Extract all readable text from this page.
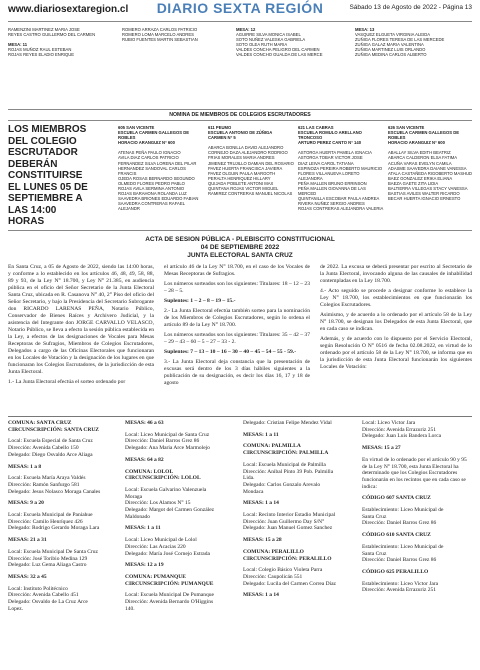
www.diariosextaregion.cl	DIARIO SEXTA REGIÓN	Sábado 13 de Agosto de 2022 - Página 13
RAMENZINI MARTINEZ MARIA JOSE
REYES CASTRO GUILLERMO DEL CARMEN
MESA: 11
ROJAS MUÑOZ RAUL ESTEBAN
ROJAS REYES ELADIO ENRIQUE
ROMERO ARRAZA CARLOS PATRICIO
ROMERO LOMA MARCELO ANDRES
RUBIO FUENTES MARTIN SEBASTIAN
MESA: 12
AGUIRRE SILVA MONICA ISABEL
SOTO NUÑEZ VALESKA GABRIELA
SOTO OLEA RUTH MARIA
VALDES CONCHA PELIGRO DEL CARMEN
VALDES CONCHO GUALDA DE LAS MERCE
MESA: 13
VASQUEZ ELGUETA VIRGINIA ALEIDA
ZUÑIGA FLORES TERESA DE LAS MERCEDE
ZUÑIGA GALAZ MARIA VALENTINA
ZUÑIGA MARTINEZ LUIS ORLANDO
ZUÑIGA MEDINA CARLOS ALBERTO
NOMINA DE MIEMBROS DE COLEGIOS ESCRUTADORES
LOS MIEMBROS DEL COLEGIO ESCRUTADOR DEBERÁN CONSTITUIRSE EL LUNES 05 DE SEPTIEMBRE A LAS 14:00 HORAS
605 SAN VICENTE
ESCUELA CARMEN GALLEGOS DE ROBLES
HORACIO ARANGUIZ N° 600
ATENAS PEÑA PAULO IGNACIO
AVILA DIAZ CARLOS PATRICIO
FERNANDEZ SILVA LORENA DEL PILAR
HERNANDEZ SANDOVAL CARLOS FRANCIS
OJEDA ROSAS BERNARDO SEGUNDO
OLMEDO FLORES PEDRO PABLO
ROJAS AVILA SERMINA ANTONIO
ROJAS BARAHONA ROLANDA LUZ
SAAVEDRA BRIONES EDUARDO FABIAN
SAAVEDRA CONTRERAS RAFAEL ALEJANDR
611 PEUMO
ESCUELA ANTONIO DE ZÚÑIGA
CARMEN N° 5
ABARCA BONILLA DAVID ALEJANDRO
CORNEJO DAZA ALEJANDRO RODRIGO
FRIAS MORALES MARIA ANDRES
JIMENEZ TRUJILLO DAMIAN DEL ROSARIO
PAVEZ HUERTA FRANCISCA JAVIERA
PAVEZ OLGUIN PAULA MARGOTH
PERALTA HENRIQUEZ HILLARY
QUIJADA POBLETE ANTONI MAX
QUINTANA ROJAS VICTOR MIGUEL
RAMIREZ CONTRERAS MANUEL NICOLAS
621 LAS CABRAS
ESCUELA ROMULO ARELLANO TRONCOSO
ARTURO PEREZ CANTO N° 140
ASTORGA HUERTA PAMELA IGNACIA
ASTORGA TOBAR VICTOR JOSE
DIAZ LEIVA CAROL TATIANA
ESPINOZA PEREIRA ROBERTO MAURICIO
FLORES VILLANUEVA LORETO ALEJANDRA
PEÑA MALLEN BRUNO ERRINSON
PEÑA MALLEN GIOVANNA DE LAS MERCED
QUINTANILLA ESCOBAR PAULA ANDREA
RIVERA NUÑEZ SERGIO ANDRES
ROJAS CONTRERAS ALEJANDRA VALERIA
626 SAN VICENTE
ESCUELA CARMEN GALLEGOS DE ROBLES
HORACIO ARANGUIZ N° 600
ABALLAY SILVA EDITH BEATRIZ
ABARCA CALDERON ELSA FATIMA
ACUÑA VARAS EVELYN CAMILA
ADASME SAAVEDRA DAIANE VANESSA
ATALA CASTAÑEDA RIGOBERTO MASHUD
BAEZ GONZALEZ ERIKA ELIANA
BAEZA GAETE ZITA LIDIA
BALTIERRA VILLEGAS STACY VANESSA
BASTIAS AVILES WALTER RICARDO
BECAR HUERTA IGNACIO ERNESTO
ACTA DE SESION PÚBLICA - PLEBISCITO CONSTITUCIONAL
04 DE SEPTIEMBRE 2022
JUNTA ELECTORAL SANTA CRUZ

En Santa Cruz, a 05 de Agosto de 2022, siendo las 14:00 horas, y conforme a lo establecido en los artículos 46, 48, 49, 58, 88, 89 y 93, de la Ley N° 18.700, y Ley N° 21.385, en audiencia pública en el oficio del Señor Secretario de la Junta Electoral Santa Cruz, ubicada en R. Casanova N° 40, 2° Piso del oficio del Señor Secretario, y bajo la Presidencia del Secretario Subrogante don RICARDO LARENAS PEÑA, Notario Público, Conservador de Bienes Raíces y Archivero Judicial, y la asistencia del Integrante don JORGE CARVALLO VELASCO, Notario Público, se lleva a efecto la sesión pública establecida en la Ley, a efectos de las designaciones de Vocales para Mesas Receptoras de Sufragios, Miembros de Colegios Escrutadores, Delegados a cargo de las Oficinas Electorales que funcionaran en los Locales de Votación y la designación de los lugares en que funcionaran los Colegios Escrutadores, de la jurisdicción de esta Junta Electoral.

1.- La Junta Electoral efectúa el sorteo ordenado por

el artículo 46 de la Ley N° 18.700, en el caso de los Vocales de Mesas Receptoras de Sufragios.

Los números sorteados son los siguientes: Titulares: 18 – 12 – 23 – 28 – 5.

Suplentes: 1 – 2 – 8 – 19 – 15.-

2.- La Junta Electoral efectúa también sorteo para la nominación de los Miembros de Colegios Escrutadores, según lo ordena el artículo 89 de la Ley N° 18.700.

Los números sorteados son los siguientes: Titulares: 35 – 42 – 37 – 29 – 43 – 60 – 5 – 27 – 33 - 2.

Suplentes: 7 – 13 – 10 – 16 – 30 – 40 – 45 – 54 – 55 - 59.-

3.- La Junta Electoral deja constancia que la presentación de excusas será dentro de los 3 días hábiles siguientes a la publicación de su designación, es decir los días 16, 17 y 18 de agosto

de 2022. La excusa se deberá presentar por escrito al Secretario de la Junta Electoral, invocando alguna de las causales de inhabilidad contempladas en la Ley 18.700.

4.- Acto seguido se procede a designar conforme lo establece la Ley N° 18.700, los establecimientos en que funcionarán los Colegios Escrutadores.

Asimismo, y de acuerdo a lo ordenado por el artículo 58 de la Ley N° 18.700, se designan los Delegados de esta Junta Electoral, que en cada caso se indican.

Además, y de acuerdo con lo dispuesto por el Servicio Electoral, según Resolución O N° 0516 de fecha 02.08.2022, en virtud de lo ordenado por el artículo 58 de la Ley N° 18.700, se informa que en la jurisdicción de esta Junta Electoral funcionarán los siguientes Locales de Votación:

COMUNA: SANTA CRUZ

CIRCUNSCRIPCIÓN: SANTA CRUZ

Local: Escuela Especial de Santa Cruz

Dirección: Avenida Cabello 150

Delegado: Diego Osvaldo Arce Aliaga

MESAS: 1 a 8

Local: Escuela María Araya Valdés

Dirección: Ramón Sanfurgo 581

Delegado: Jesus Nolasco Moraga Canales

MESAS: 9 a 20

Local: Escuela Municipal de Paniahue

Dirección: Camilo Henríquez 426

Delegado: Rodrigo Gerardo Moraga Lara

MESAS: 21 a 31

Local: Escuela Municipal De Santa Cruz

Dirección: José Toribio Medina 129

Delegado: Luz Gema Aliaga Castro

MESAS: 32 a 45

Local: Instituto Politécnico

Dirección: Avenida Cabello 451

Delegado: Osvaldo de La Cruz Arce

Lopez.

MESAS: 46 a 63

Local: Liceo Municipal de Santa Cruz

Dirección: Daniel Barros Grez 86

Delegado: Ana Maria Arce Marmolejo

MESAS: 64 a 82

COMUNA: LOLOL

CIRCUNSCRIPCIÓN: LOLOL

Local: Escuela Galvarino Valenzuela

Moraga

Dirección: Los Alamos N° 15

Delegado: Margot del Carmen González

Maldonado

MESAS: 1 a 11

Local: Liceo Municipal de Lolol

Dirección: Las Acacias 220

Delegado: María José Cornejo Estrada

MESAS: 12 a 19

COMUNA: PUMANQUE

CIRCUNSCRIPCIÓN: PUMANQUE

Local: Escuela Municipal De Pumanque

Dirección: Avenida Bernardo O'Higgins

140.

Delegado: Cristian Felipe Mendez Vidal

MESAS: 1 a 11

COMUNA: PALMILLA

CIRCUNSCRIPCIÓN: PALMILLA

Local: Escuela Municipal de Palmilla

Dirección: Anibal Pinto 39 Pob. Palmilla

Lida.

Delegado: Carlos Gonzalo Arevalo

Mondaca

MESAS: 1 a 14

Local: Recinto Interior Estadio Municipal

Dirección: Juan Guillermo Day S/N°

Delegado: Juan Manuel Gomez Sanchez

MESAS: 15 a 28

COMUNA: PERALILLO

CIRCUNSCRIPCIÓN: PERALILLO

Local: Colegio Básico Violeta Parra

Dirección: Caupolicán 551

Delegado: Lucila del Carmen Correa Díaz

MESAS: 1 a 14

Local: Liceo Victor Jara

Dirección: Avenida Errazuriz 251

Delegado: Juan Luis Bandera Lorca

MESAS: 15 a 27

En virtud de lo ordenado por el artículo 90 y 95 de la Ley N° 18.700, esta Junta Electoral ha determinado que los Colegios Escrutadores funcionarán en los recintos que en cada caso se indica:

CÓDIGO 607 SANTA CRUZ

Establecimiento: Liceo Municipal de

Santa Cruz

Dirección: Daniel Barros Grez 86

CÓDIGO 610 SANTA CRUZ

Establecimiento: Liceo Municipal de

Santa Cruz

Dirección: Daniel Barros Grez 86

CÓDIGO 625 PERALILLO

Establecimiento: Liceo Victor Jara

Dirección: Avenida Errazuriz 251
